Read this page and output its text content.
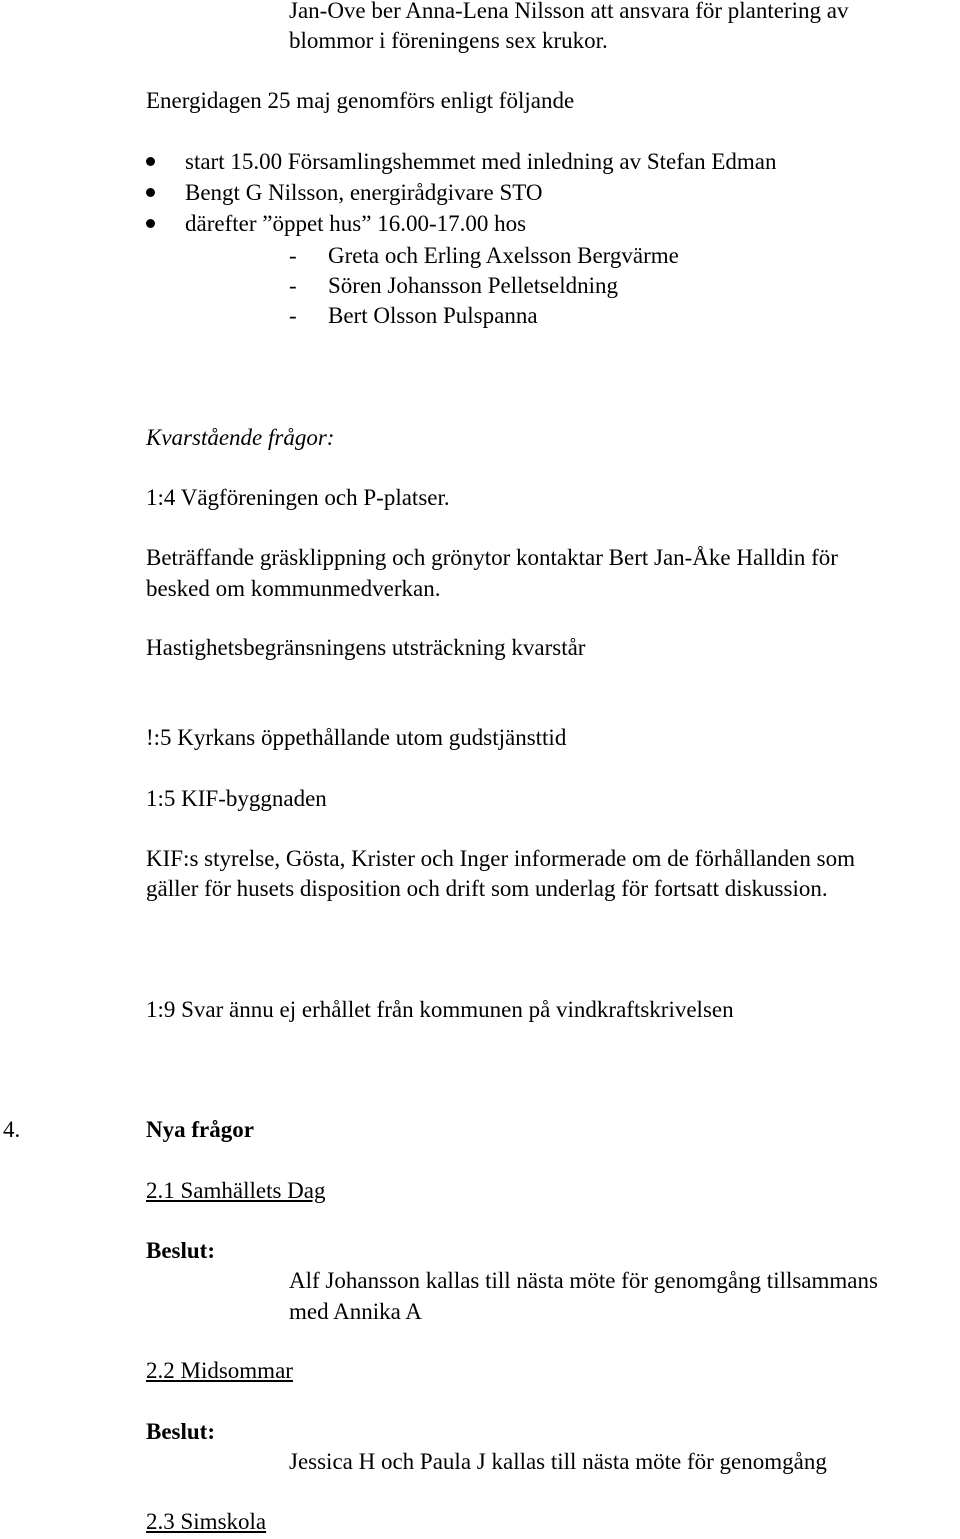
Jan-Ove ber Anna-Lena Nilsson att ansvara för plantering av
blommor i föreningens sex krukor.
Energidagen 25 maj genomförs enligt följande
start 15.00 Församlingshemmet med inledning av Stefan Edman
Bengt G Nilsson, energirådgivare STO
därefter ”öppet hus” 16.00-17.00 hos
- Greta och Erling Axelsson Bergvärme
- Sören Johansson Pelletseldning
- Bert Olsson Pulspanna
Kvarstående frågor:
1:4 Vägföreningen och P-platser.
Beträffande gräsklippning och grönytor kontaktar Bert Jan-Åke Halldin för
besked om kommunmedverkan.
Hastighetsbegränsningens utsträckning kvarstår
!:5 Kyrkans öppethållande utom gudstjänsttid
1:5 KIF-byggnaden
KIF:s styrelse, Gösta, Krister och Inger informerade om de förhållanden som
gäller för husets disposition och drift som underlag för fortsatt diskussion.
1:9 Svar ännu ej erhållet från kommunen på vindkraftskrivelsen
4.	Nya frågor
2.1 Samhällets Dag
Beslut:
Alf Johansson kallas till nästa möte för genomgång tillsammans
med Annika A
2.2 Midsommar
Beslut:
Jessica H och Paula J kallas till nästa möte för genomgång
2.3 Simskola
